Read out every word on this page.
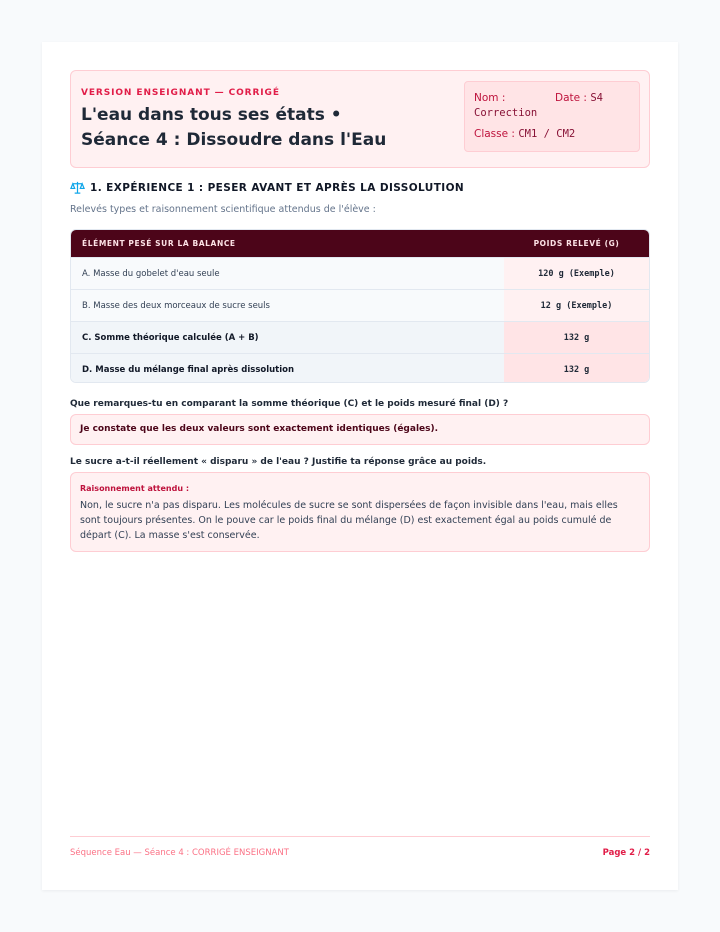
VERSION ENSEIGNANT — CORRIGÉ
L'eau dans tous ses états • Séance 4 : Dissoudre dans l'Eau
Nom :	Date : S4
Correction
Classe : CM1 / CM2
1. EXPÉRIENCE 1 : PESER AVANT ET APRÈS LA DISSOLUTION
Relevés types et raisonnement scientifique attendus de l'élève :
ÉLÉMENT PESÉ SUR LA BALANCE	POIDS RELEVÉ (G)
A. Masse du gobelet d'eau seule	120 g (Exemple)
B. Masse des deux morceaux de sucre seuls	12 g (Exemple)
C. Somme théorique calculée (A + B)	132 g
D. Masse du mélange final après dissolution	132 g
Que remarques-tu en comparant la somme théorique (C) et le poids mesuré final (D) ?
Je constate que les deux valeurs sont exactement identiques (égales).
Le sucre a-t-il réellement « disparu » de l'eau ? Justifie ta réponse grâce au poids.
Raisonnement attendu :
Non, le sucre n'a pas disparu. Les molécules de sucre se sont dispersées de façon invisible dans l'eau, mais elles sont toujours présentes. On le pouve car le poids final du mélange (D) est exactement égal au poids cumulé de départ (C). La masse s'est conservée.
Séquence Eau — Séance 4 : CORRIGÉ ENSEIGNANT	Page 2 / 2
